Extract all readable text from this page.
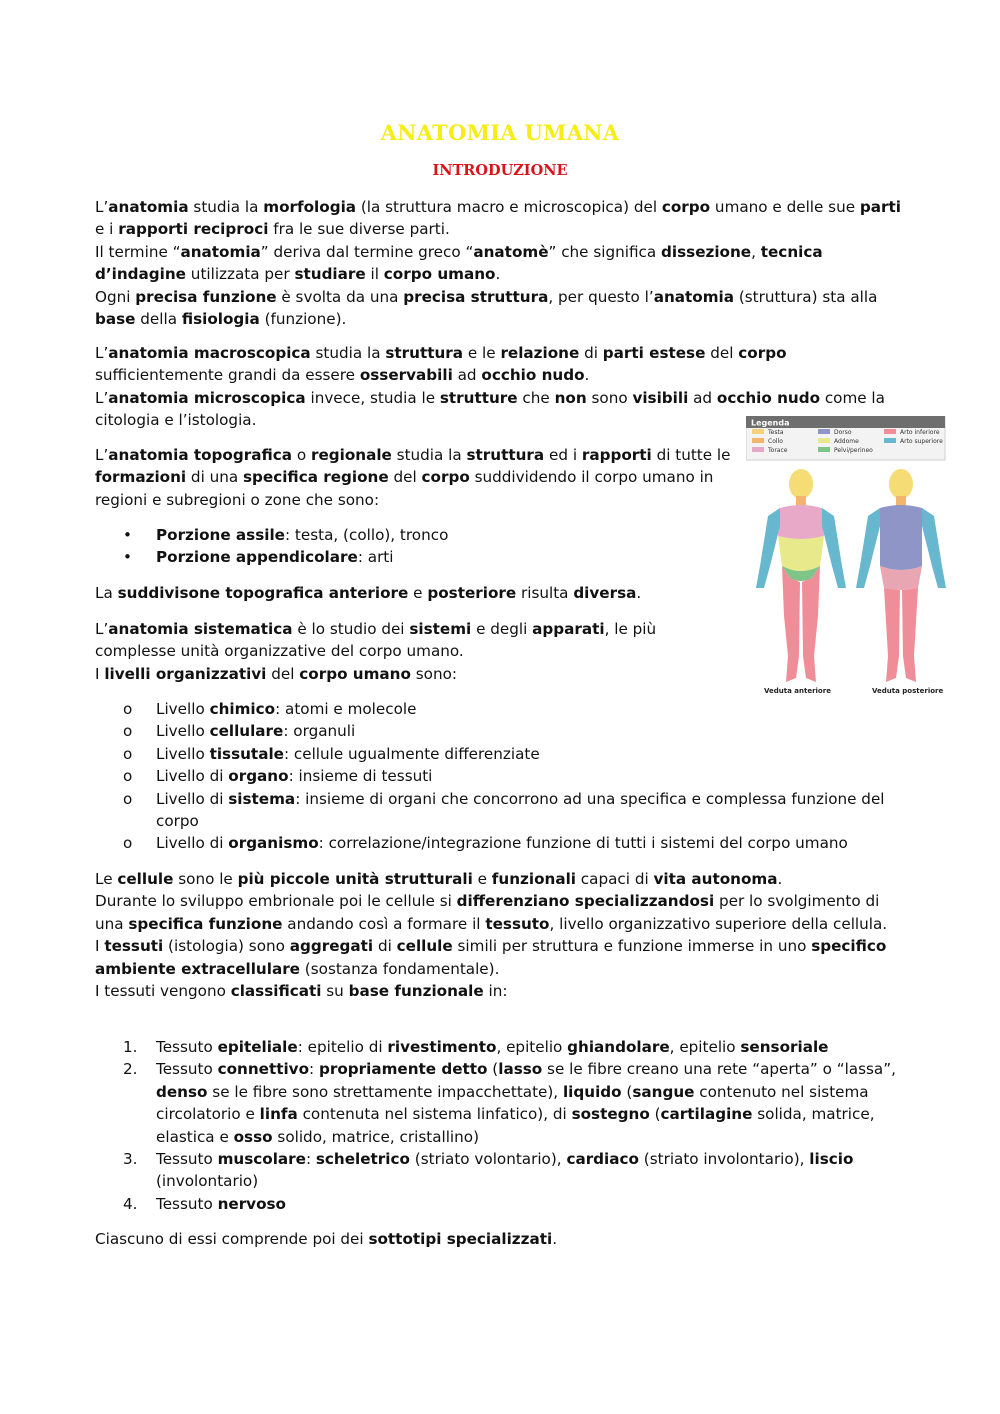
ANATOMIA UMANA
INTRODUZIONE

L’anatomia studia la morfologia (la struttura macro e microscopica) del corpo umano e delle sue parti e i rapporti reciproci fra le sue diverse parti.

Il termine “anatomia” deriva dal termine greco “anatomè” che significa dissezione, tecnica d’indagine utilizzata per studiare il corpo umano.

Ogni precisa funzione è svolta da una precisa struttura, per questo l’anatomia (struttura) sta alla base della fisiologia (funzione).

L’anatomia macroscopica studia la struttura e le relazione di parti estese del corpo sufficientemente grandi da essere osservabili ad occhio nudo.

L’anatomia microscopica invece, studia le strutture che non sono visibili ad occhio nudo come la citologia e l’istologia.

L’anatomia topografica o regionale studia la struttura ed i rapporti di tutte le formazioni di una specifica regione del corpo suddividendo il corpo umano in regioni e subregioni o zone che sono:

• Porzione assile: testa, (collo), tronco
• Porzione appendicolare: arti

La suddivisone topografica anteriore e posteriore risulta diversa.

L’anatomia sistematica è lo studio dei sistemi e degli apparati, le più complesse unità organizzative del corpo umano.

I livelli organizzativi del corpo umano sono:

o Livello chimico: atomi e molecole
o Livello cellulare: organuli
o Livello tissutale: cellule ugualmente differenziate
o Livello di organo: insieme di tessuti
o Livello di sistema: insieme di organi che concorrono ad una specifica e complessa funzione del corpo
o Livello di organismo: correlazione/integrazione funzione di tutti i sistemi del corpo umano

Le cellule sono le più piccole unità strutturali e funzionali capaci di vita autonoma.

Durante lo sviluppo embrionale poi le cellule si differenziano specializzandosi per lo svolgimento di una specifica funzione andando così a formare il tessuto, livello organizzativo superiore della cellula.

I tessuti (istologia) sono aggregati di cellule simili per struttura e funzione immerse in uno specifico ambiente extracellulare (sostanza fondamentale).

I tessuti vengono classificati su base funzionale in:

1. Tessuto epiteliale: epitelio di rivestimento, epitelio ghiandolare, epitelio sensoriale
2. Tessuto connettivo: propriamente detto (lasso se le fibre creano una rete “aperta” o “lassa”, denso se le fibre sono strettamente impacchettate), liquido (sangue contenuto nel sistema circolatorio e linfa contenuta nel sistema linfatico), di sostegno (cartilagine solida, matrice, elastica e osso solido, matrice, cristallino)
3. Tessuto muscolare: scheletrico (striato volontario), cardiaco (striato involontario), liscio (involontario)
4. Tessuto nervoso

Ciascuno di essi comprende poi dei sottotipi specializzati.

Legenda
Testa
Collo
Torace
Dorso
Addome
Pelvi/perineo
Arto inferiore
Arto superiore
Veduta anteriore	Veduta posteriore
